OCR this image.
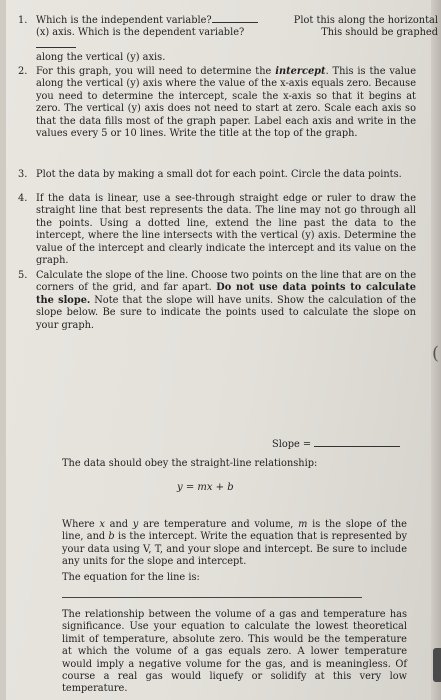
(
1. Which is the independent variable?
(x) axis. Which is the dependent variable?
along the vertical (y) axis.
Plot this along the horizontal
This should be graphed
2. For this graph, you will need to determine the intercept. This is the value along the vertical (y) axis where the value of the x-axis equals zero. Because you need to determine the intercept, scale the x-axis so that it begins at zero. The vertical (y) axis does not need to start at zero. Scale each axis so that the data fills most of the graph paper. Label each axis and write in the values every 5 or 10 lines. Write the title at the top of the graph.
3. Plot the data by making a small dot for each point. Circle the data points.
4. If the data is linear, use a see-through straight edge or ruler to draw the straight line that best represents the data. The line may not go through all the points. Using a dotted line, extend the line past the data to the intercept, where the line intersects with the vertical (y) axis. Determine the value of the intercept and clearly indicate the intercept and its value on the graph.
5. Calculate the slope of the line. Choose two points on the line that are on the corners of the grid, and far apart. Do not use data points to calculate the slope. Note that the slope will have units. Show the calculation of the slope below. Be sure to indicate the points used to calculate the slope on your graph.
Slope =
The data should obey the straight-line relationship:
y = mx + b
Where x and y are temperature and volume, m is the slope of the line, and b is the intercept. Write the equation that is represented by your data using V, T, and your slope and intercept. Be sure to include any units for the slope and intercept.
The equation for the line is:
The relationship between the volume of a gas and temperature has significance. Use your equation to calculate the lowest theoretical limit of temperature, absolute zero. This would be the temperature at which the volume of a gas equals zero. A lower temperature would imply a negative volume for the gas, and is meaningless. Of course a real gas would liquefy or solidify at this very low temperature.
